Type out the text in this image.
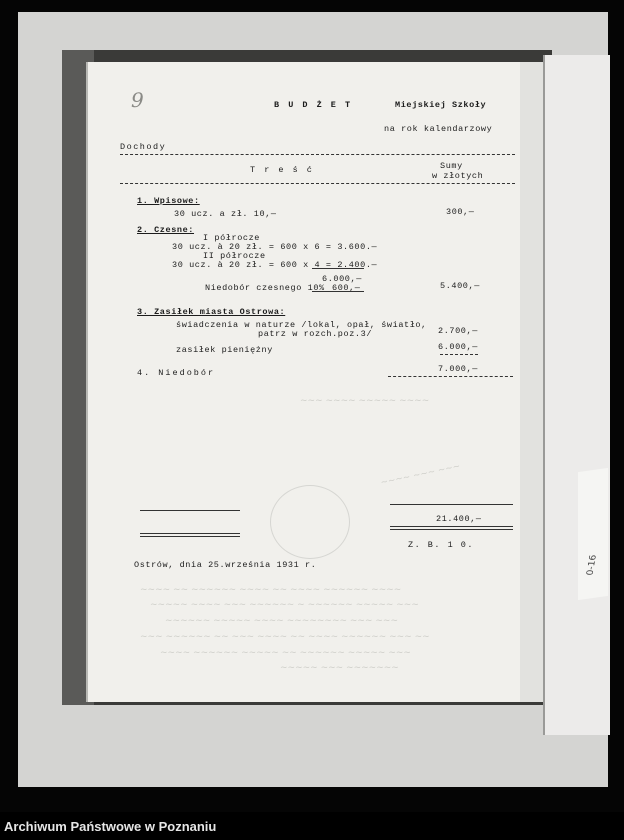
0-16
9	B U D Ż E T	Miejskiej Szkoły
na rok kalendarzowy
Dochody
T r e ś ć	Sumy
w złotych
1. Wpisowe:
30 ucz. a zł. 10,—	300,—
2. Czesne:
I półrocze
30 ucz. à 20 zł. = 600 x 6 = 3.600.—
II półrocze
30 ucz. à 20 zł. = 600 x 4 = 2.400.—
6.000,—
Niedobór czesnego 10% 600,—	5.400,—
3. Zasiłek miasta Ostrowa:
świadczenia w naturze /lokal, opał, światło,
patrz w rozch.poz.3/	2.700,—
zasiłek pieniężny	6.000,—
4. Niedobór	7.000,—
~~~ ~~~~ ~~~~~ ~~~~
~~~~ ~~~ ~~~
~~~~ ~~ ~~~~~~ ~~~~ ~~ ~~~~ ~~~~~~ ~~~~
~~~~~ ~~~~ ~~~ ~~~~~~ ~ ~~~~~~ ~~~~~ ~~~
~~~~~~ ~~~~~ ~~~~ ~~~~~~~~ ~~~ ~~~
~~~ ~~~~~~ ~~ ~~~ ~~~~ ~~ ~~~~ ~~~~~~ ~~~ ~~
~~~~ ~~~~~~ ~~~~~ ~~ ~~~~~~ ~~~~~ ~~~
~~~~~ ~~~ ~~~~~~~
21.400,—
Z. B. 1 0.
Ostrów, dnia 25.września 1931 r.
Archiwum Państwowe w Poznaniu
